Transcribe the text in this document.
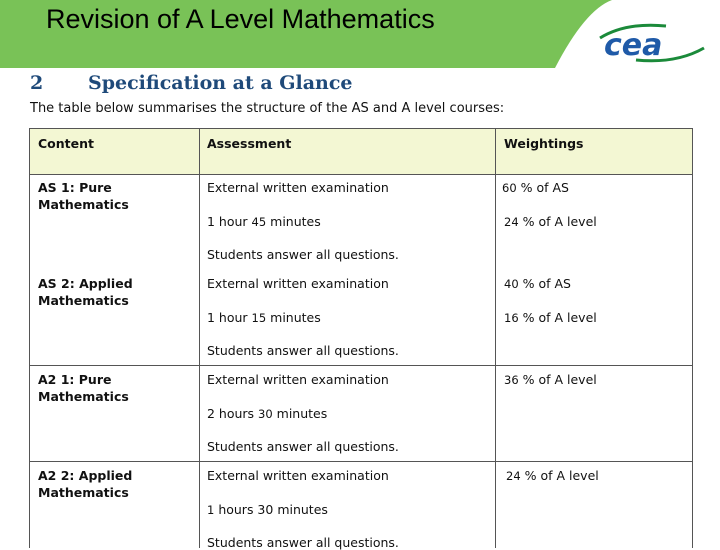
Revision of A Level Mathematics
cea
2 Specification at a Glance
The table below summarises the structure of the AS and A level courses:
Content	Assessment	Weightings
AS 1: Pure
Mathematics
External written examination
1 hour 45 minutes
Students answer all questions.
60 % of AS
24 % of A level
AS 2: Applied
Mathematics
External written examination
1 hour 15 minutes
Students answer all questions.
40 % of AS
16 % of A level
A2 1: Pure
Mathematics
External written examination
2 hours 30 minutes
Students answer all questions.
36 % of A level
A2 2: Applied
Mathematics
External written examination
1 hours 30 minutes
Students answer all questions.
24 % of A level
